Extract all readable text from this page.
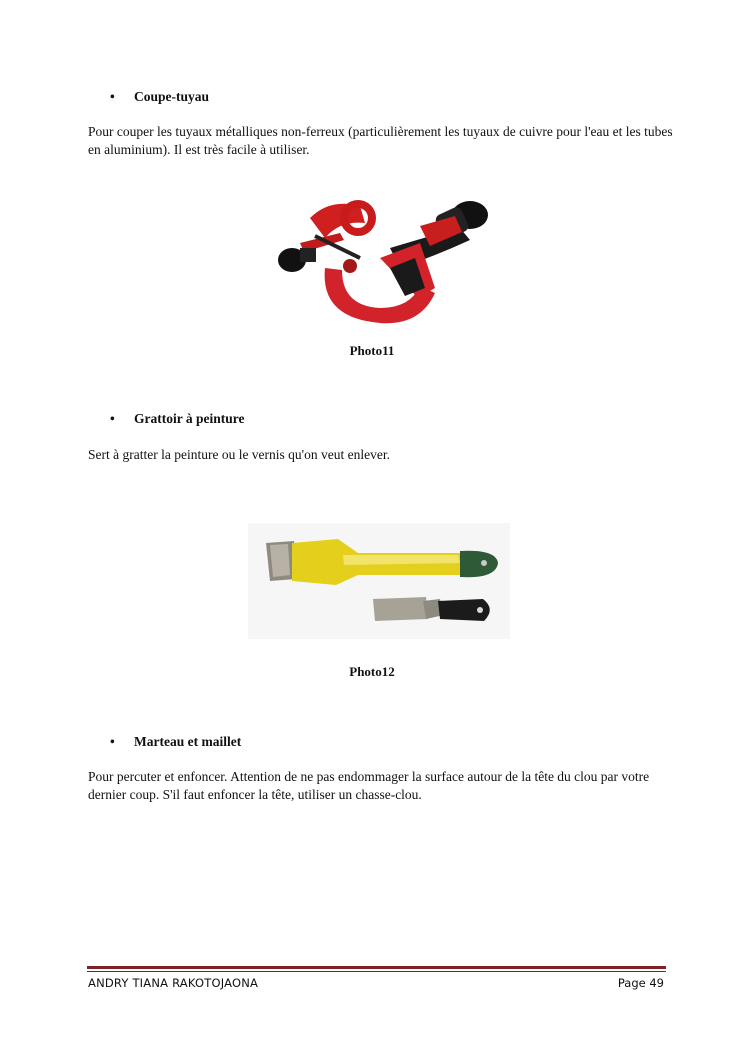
• Coupe-tuyau
Pour couper les tuyaux métalliques non-ferreux (particulièrement les tuyaux de cuivre pour l'eau et les tubes en aluminium). Il est très facile à utiliser.
Photo11
• Grattoir à peinture
Sert à gratter la peinture ou le vernis qu'on veut enlever.
Photo12
• Marteau et maillet
Pour percuter et enfoncer. Attention de ne pas endommager la surface autour de la tête du clou par votre dernier coup. S'il faut enfoncer la tête, utiliser un chasse-clou.
ANDRY TIANA RAKOTOJAONA	Page 49
